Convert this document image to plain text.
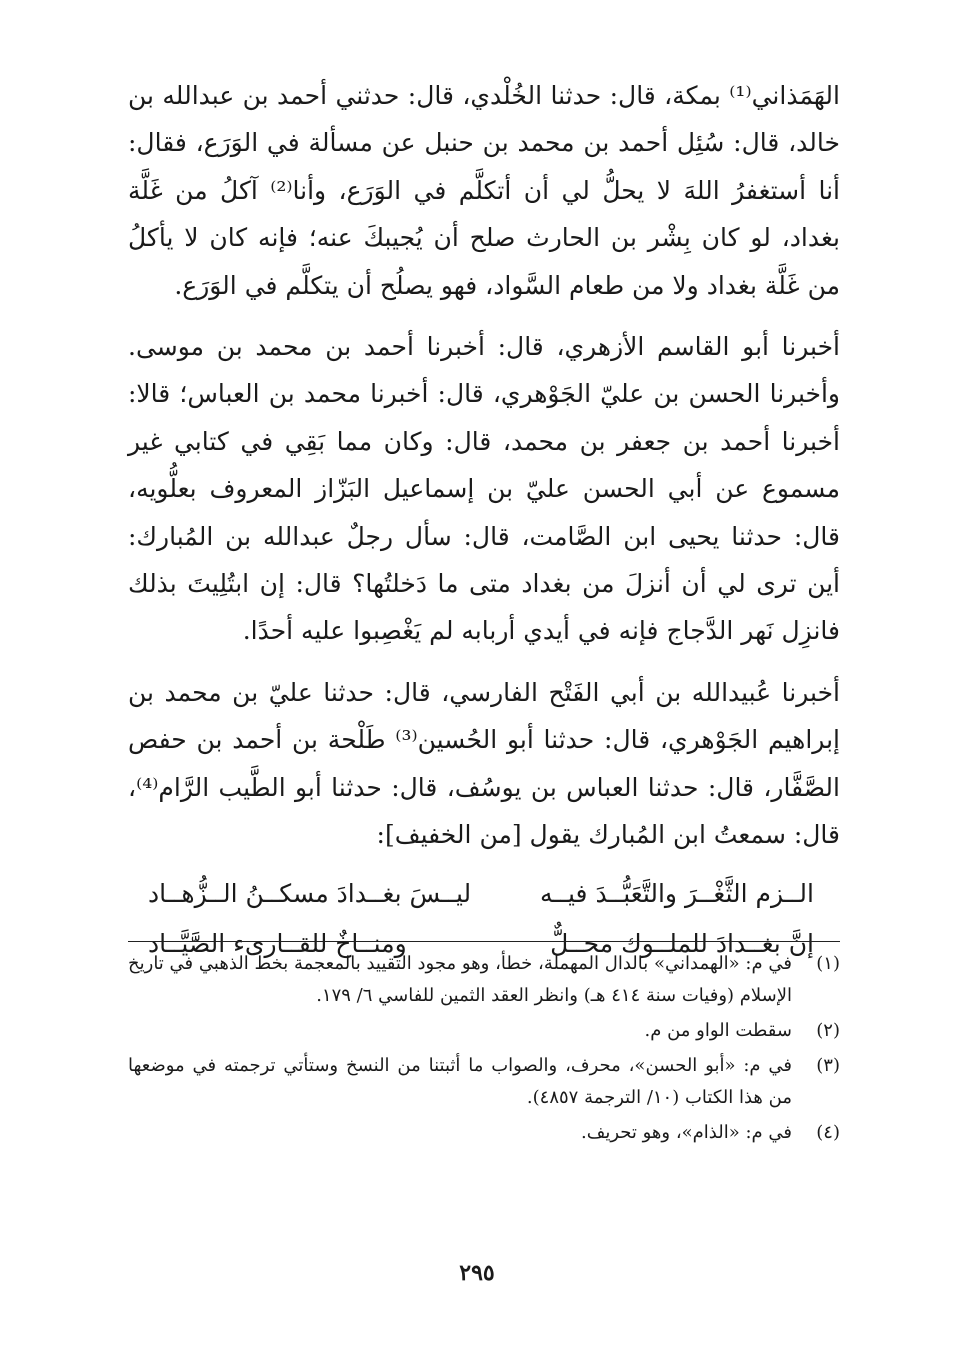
الهَمَذاني⁽¹⁾ بمكة، قال: حدثنا الخُلْدي، قال: حدثني أحمد بن عبدالله بن خالد، قال: سُئِل أحمد بن محمد بن حنبل عن مسألة في الوَرَع، فقال: أنا أستغفرُ اللهَ لا يحلُّ لي أن أتكلَّم في الوَرَع، وأنا⁽²⁾ آكلُ من غَلَّة بغداد، لو كان بِشْر بن الحارث صلح أن يُجيبكَ عنه؛ فإنه كان لا يأكلُ من غَلَّة بغداد ولا من طعام السَّواد، فهو يصلُح أن يتكلَّم في الوَرَع.

أخبرنا أبو القاسم الأزهري، قال: أخبرنا أحمد بن محمد بن موسى. وأخبرنا الحسن بن عليّ الجَوْهري، قال: أخبرنا محمد بن العباس؛ قالا: أخبرنا أحمد بن جعفر بن محمد، قال: وكان مما بَقِي في كتابي غير مسموع عن أبي الحسن عليّ بن إسماعيل البَزّاز المعروف بعلُّويه، قال: حدثنا يحيى ابن الصَّامت، قال: سأل رجلٌ عبدالله بن المُبارك: أين ترى لي أن أنزلَ من بغداد متى ما دَخلتُها؟ قال: إن ابتُلِيتَ بذلك فانزِل نَهر الدَّجاج فإنه في أيدي أربابه لم يَغْصِبوا عليه أحدًا.

أخبرنا عُبيدالله بن أبي الفَتْح الفارسي، قال: حدثنا عليّ بن محمد بن إبراهيم الجَوْهري، قال: حدثنا أبو الحُسين⁽³⁾ طَلْحة بن أحمد بن حفص الصَّفَّار، قال: حدثنا العباس بن يوسُف، قال: حدثنا أبو الطَّيب الرَّام⁽⁴⁾، قال: سمعتُ ابن المُبارك يقول [من الخفيف]:

الــزم الثَّغْــرَ والتَّعَبُّــدَ فيــه
ليــسَ بغــدادَ مسكــنُ الــزُّهــاد
إنَّ بغــدادَ للملــوك محــلٌّ
ومنــاخٌ للقــارىء الصَّيَّــاد
(١)
في م: «الهمداني» بالدال المهملة، خطأ، وهو مجود التقييد بالمعجمة بخط الذهبي في تاريخ الإسلام (وفيات سنة ٤١٤ هـ) وانظر العقد الثمين للفاسي ٦/ ١٧٩.
(٢)
سقطت الواو من م.
(٣)
في م: «أبو الحسن»، محرف، والصواب ما أثبتنا من النسخ وستأتي ترجمته في موضعها من هذا الكتاب (١٠/ الترجمة ٤٨٥٧).
(٤)
في م: «الذام»، وهو تحريف.
٢٩٥
